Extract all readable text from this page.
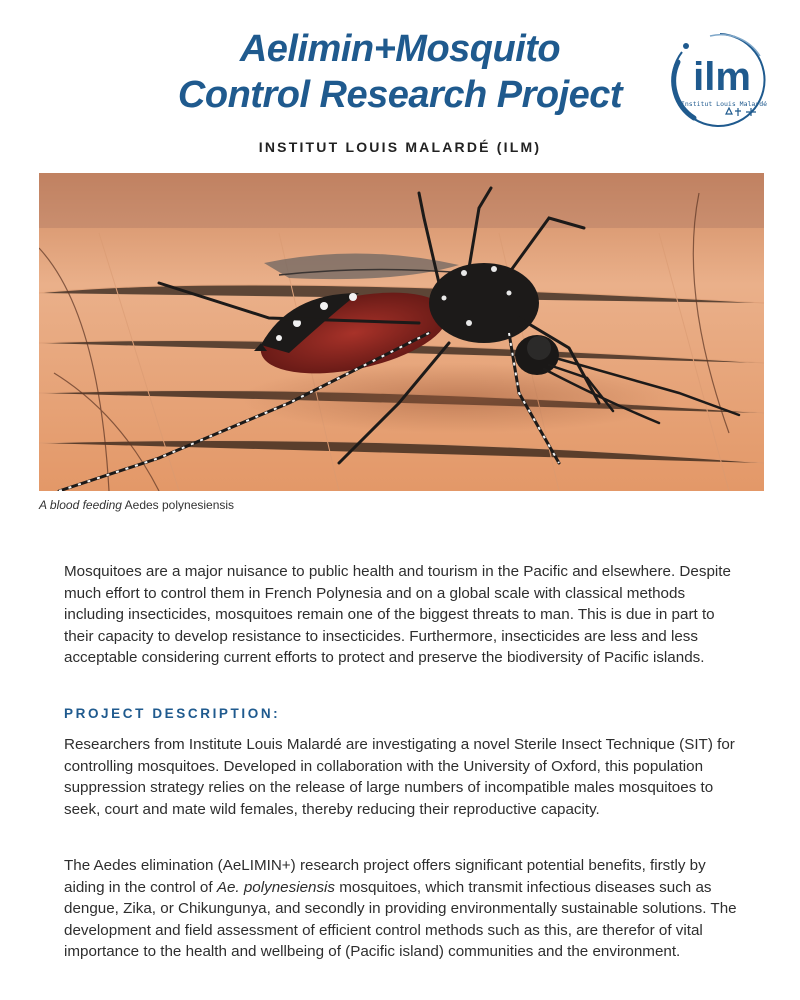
Aelimin+Mosquito
Control Research Project
INSTITUT LOUIS MALARDÉ (ILM)
ilm
Institut Louis Malardé
A blood feeding Aedes polynesiensis

Mosquitoes are a major nuisance to public health and tourism in the Pacific and elsewhere. Despite much effort to control them in French Polynesia and on a global scale with classical methods including insecticides, mosquitoes remain one of the biggest threats to man. This is due in part to their capacity to develop resistance to insecticides. Furthermore, insecticides are less and less acceptable considering current efforts to protect and preserve the biodiversity of Pacific islands.

PROJECT DESCRIPTION:

Researchers from Institute Louis Malardé are investigating a novel Sterile Insect Technique (SIT) for controlling mosquitoes. Developed in collaboration with the University of Oxford, this population suppression strategy relies on the release of large numbers of incompatible males mosquitoes to seek, court and mate wild females, thereby reducing their reproductive capacity.

The Aedes elimination (AeLIMIN+) research project offers significant potential benefits, firstly by aiding in the control of Ae. polynesiensis mosquitoes, which transmit infectious diseases such as dengue, Zika, or Chikungunya, and secondly in providing environmentally sustainable solutions. The development and field assessment of efficient control methods such as this, are therefor of vital importance to the health and wellbeing of (Pacific island) communities and the environment.
